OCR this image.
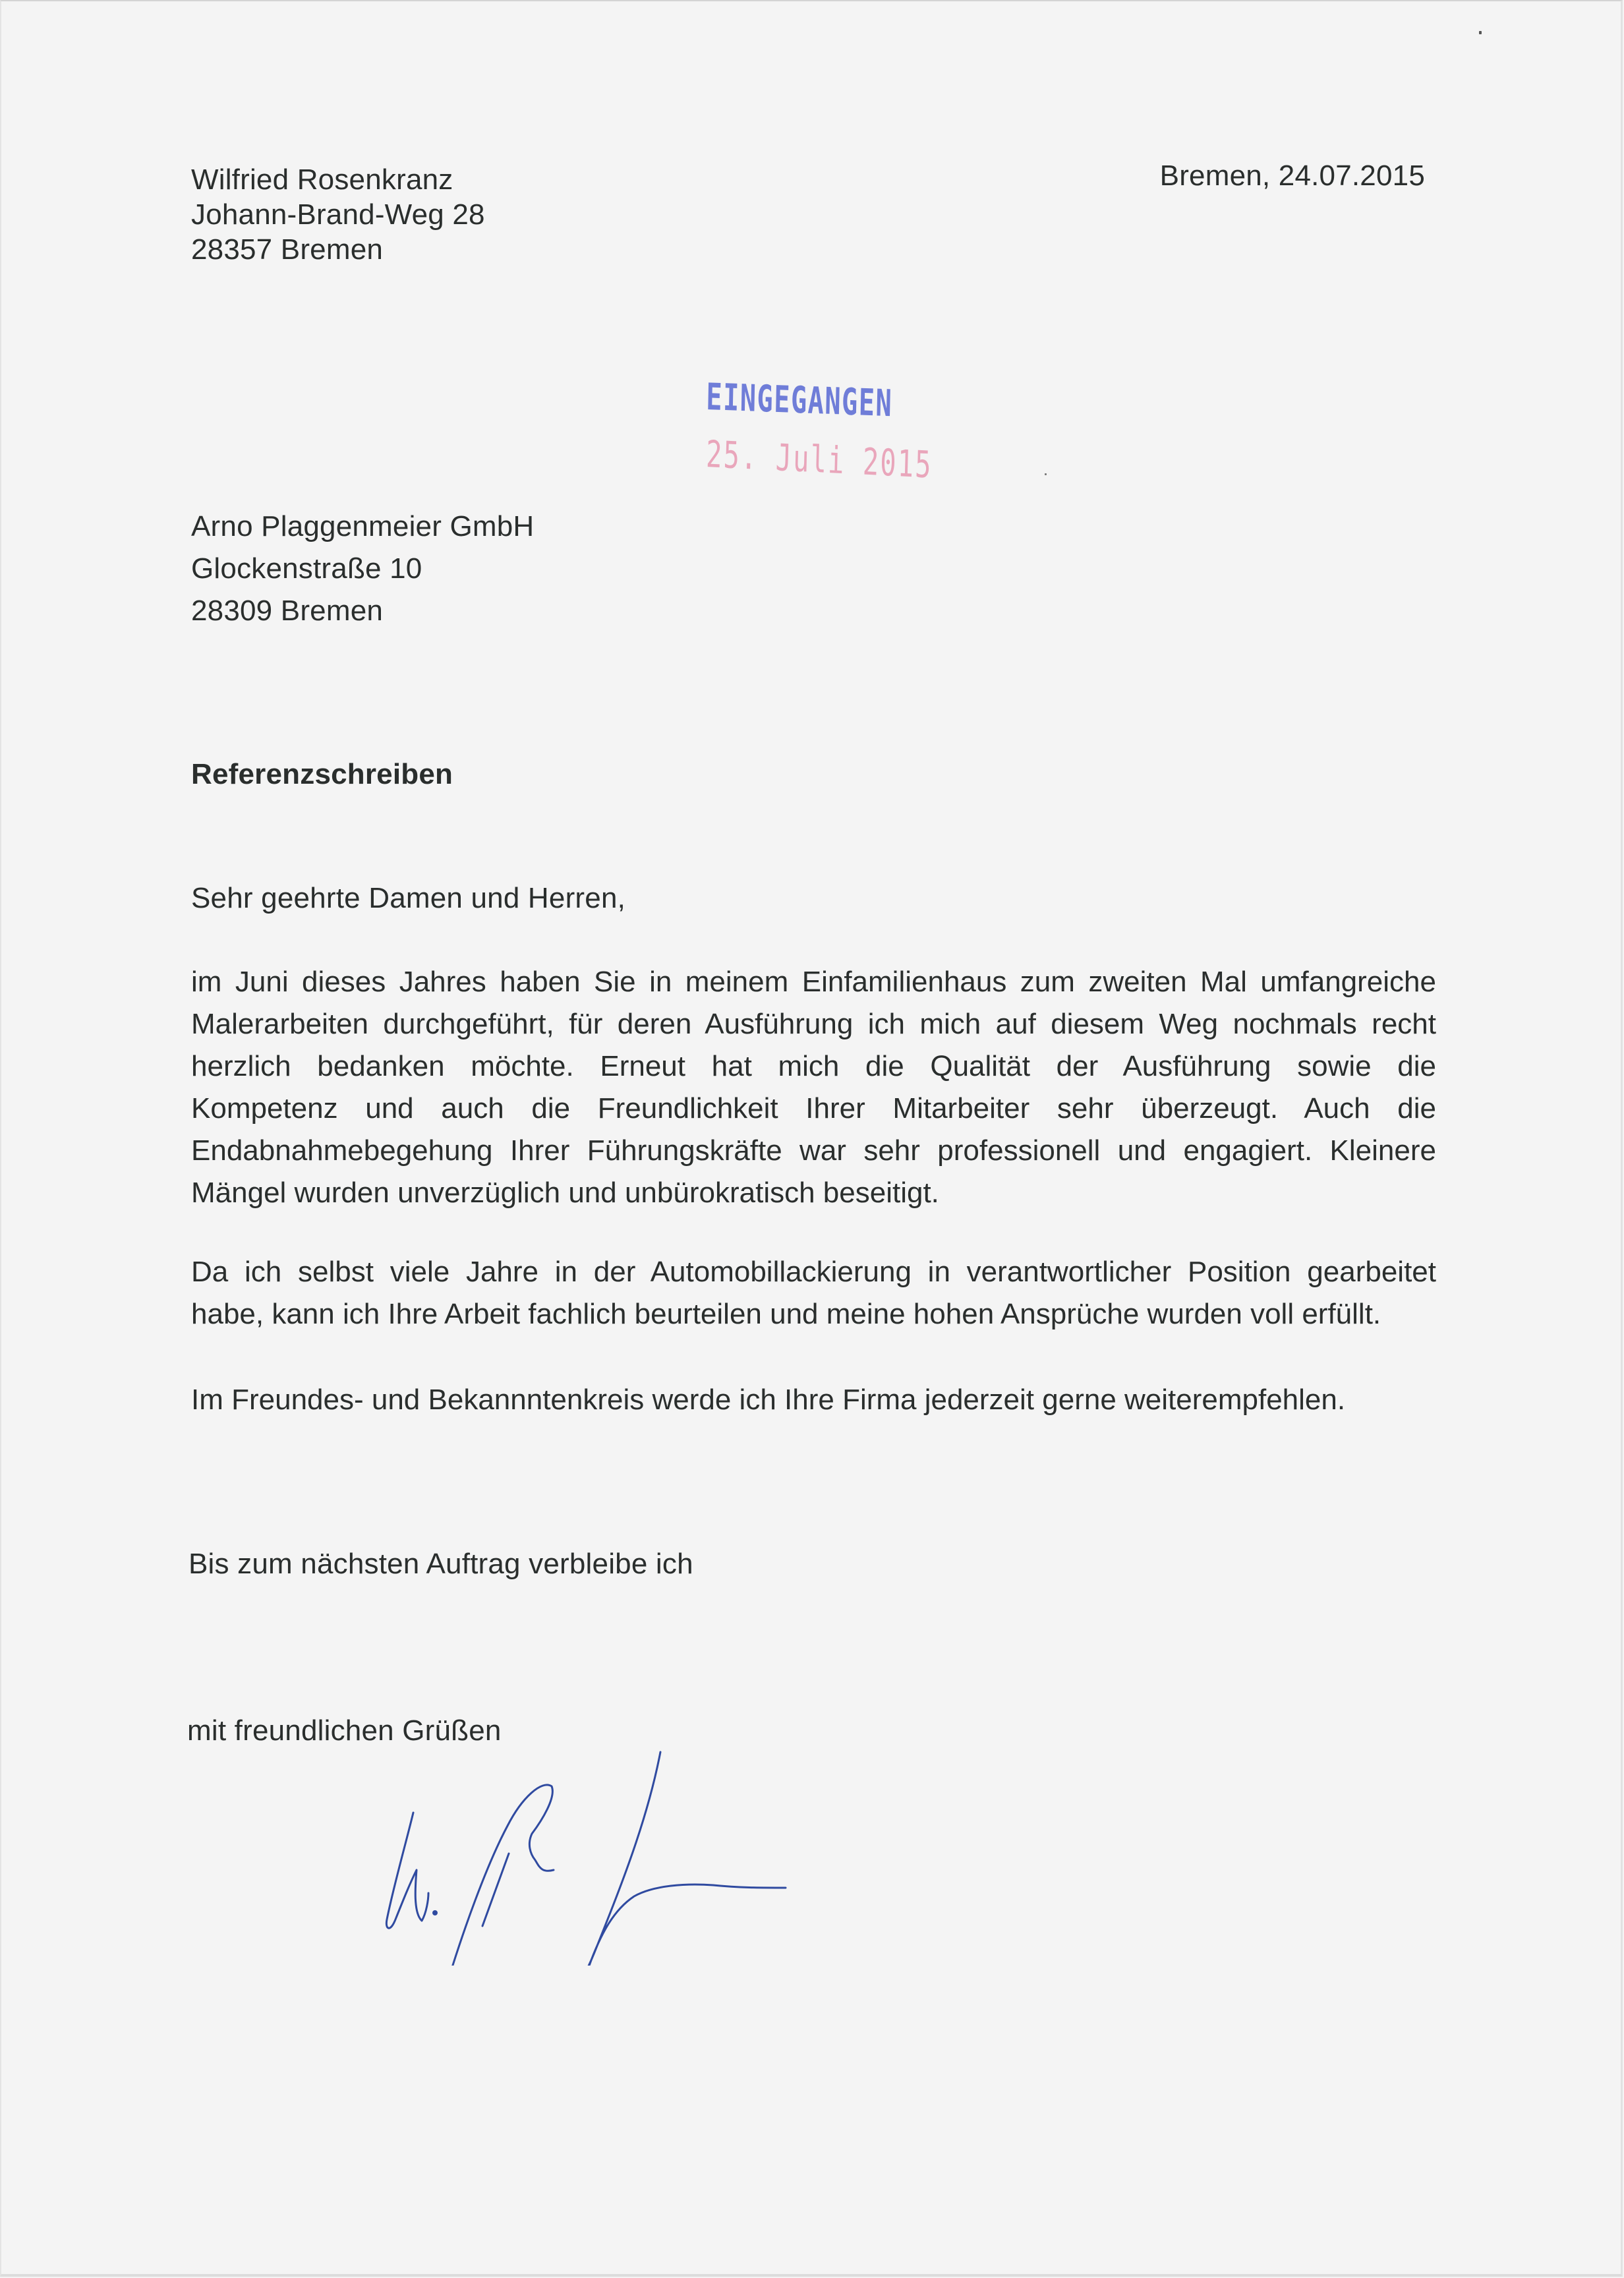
Wilfried Rosenkranz
Johann-Brand-Weg 28
28357 Bremen
Bremen, 24.07.2015
EINGEGANGEN
25. Juli 2015
Arno Plaggenmeier GmbH
Glockenstraße 10
28309 Bremen
Referenzschreiben
Sehr geehrte Damen und Herren,
im Juni dieses Jahres haben Sie in meinem Einfamilienhaus zum zweiten Mal umfangreiche
Malerarbeiten durchgeführt, für deren Ausführung ich mich auf diesem Weg nochmals recht
herzlich bedanken möchte. Erneut hat mich die Qualität der Ausführung sowie die
Kompetenz und auch die Freundlichkeit Ihrer Mitarbeiter sehr überzeugt. Auch die
Endabnahmebegehung Ihrer Führungskräfte war sehr professionell und engagiert. Kleinere
Mängel wurden unverzüglich und unbürokratisch beseitigt.
Da ich selbst viele Jahre in der Automobillackierung in verantwortlicher Position gearbeitet
habe, kann ich Ihre Arbeit fachlich beurteilen und meine hohen Ansprüche wurden voll erfüllt.
Im Freundes- und Bekannntenkreis werde ich Ihre Firma jederzeit gerne weiterempfehlen.
Bis zum nächsten Auftrag verbleibe ich
mit freundlichen Grüßen
